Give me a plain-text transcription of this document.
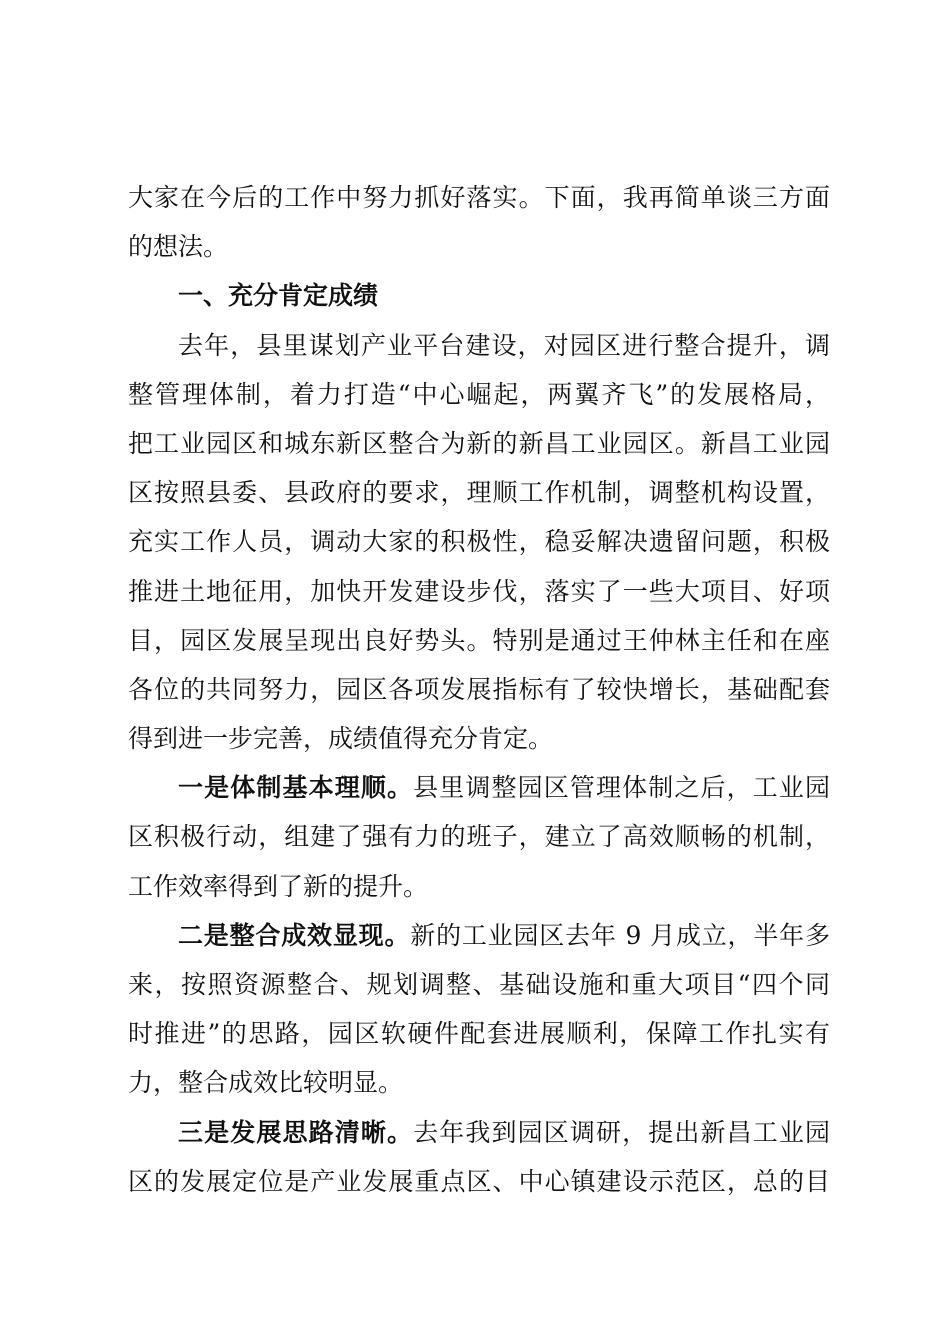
大家在今后的工作中努力抓好落实。下面，我再简单谈三方面
的想法。
一、充分肯定成绩
去年，县里谋划产业平台建设，对园区进行整合提升，调
整管理体制，着力打造“中心崛起，两翼齐飞”的发展格局，
把工业园区和城东新区整合为新的新昌工业园区。新昌工业园
区按照县委、县政府的要求，理顺工作机制，调整机构设置，
充实工作人员，调动大家的积极性，稳妥解决遗留问题，积极
推进土地征用，加快开发建设步伐，落实了一些大项目、好项
目，园区发展呈现出良好势头。特别是通过王仲林主任和在座
各位的共同努力，园区各项发展指标有了较快增长，基础配套
得到进一步完善，成绩值得充分肯定。
一是体制基本理顺。县里调整园区管理体制之后，工业园
区积极行动，组建了强有力的班子，建立了高效顺畅的机制，
工作效率得到了新的提升。
二是整合成效显现。新的工业园区去年 9 月成立，半年多
来，按照资源整合、规划调整、基础设施和重大项目“四个同
时推进”的思路，园区软硬件配套进展顺利，保障工作扎实有
力，整合成效比较明显。
三是发展思路清晰。去年我到园区调研，提出新昌工业园
区的发展定位是产业发展重点区、中心镇建设示范区，总的目
